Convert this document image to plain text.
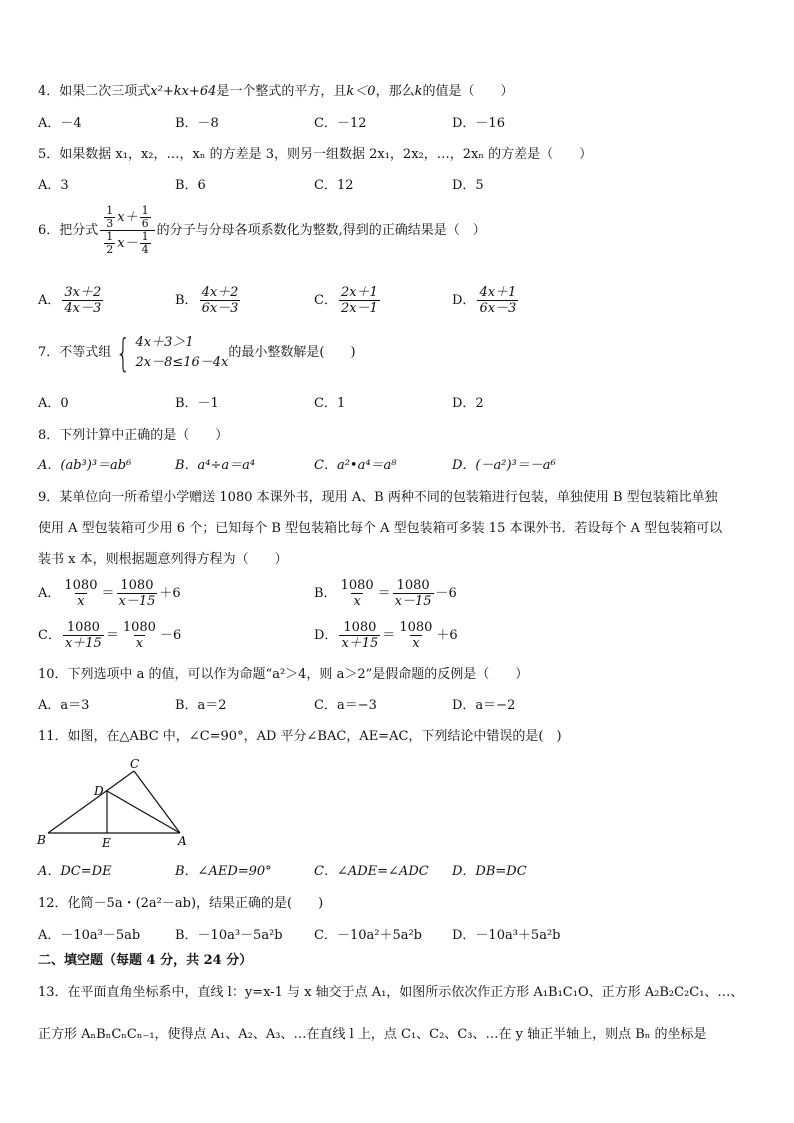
4．如果二次三项式x²+kx+64是一个整式的平方，且k＜0，那么k的值是（　　）
A．－4	B．－8	C．－12	D．－16
5．如果数据 x₁，x₂，…，xₙ 的方差是 3，则另一组数据 2x₁，2x₂，…，2xₙ 的方差是（　　）
A．3	B．6	C．12	D．5
6．把分式 $\frac{\frac{1}{3} x+ \frac{1}{6}}{\frac{1}{2} x- \frac{1}{4}}$ 的分子与分母各项系数化为整数,得到的正确结果是（　）
A． $\frac{3x+2}{4x-3}$	B． $\frac{4x+2}{6x-3}$	C． $\frac{2x+1}{2x-1}$	D． $\frac{4x+1}{6x-3}$
7．不等式组 { 4x＋3＞1
2x－8≤16－4x
的最小整数解是(　　)
A．0	B．－1	C．1	D．2
8．下列计算中正确的是（　　）
A．(ab³)³＝ab⁶	B．a⁴÷a＝a⁴	C．a²•a⁴＝a⁸	D．(－a²)³＝－a⁶
9．某单位向一所希望小学赠送 1080 本课外书，现用 A、B 两种不同的包装箱进行包装，单独使用 B 型包装箱比单独
使用 A 型包装箱可少用 6 个；已知每个 B 型包装箱比每个 A 型包装箱可多装 15 本课外书．若设每个 A 型包装箱可以
装书 x 本，则根据题意列得方程为（　　）
A． $\frac{1080}{x} = \frac{1080}{x-15} +6$	B． $\frac{1080}{x} = \frac{1080}{x-15} -6$
C． $\frac{1080}{x+15} = \frac{1080}{x} -6$	D． $\frac{1080}{x+15} = \frac{1080}{x} +6$
10．下列选项中 a 的值，可以作为命题“a²＞4，则 a＞2”是假命题的反例是（　　）
A．a＝3	B．a＝2	C．a＝−3	D．a＝−2
11．如图，在△ABC 中，∠C=90°，AD 平分∠BAC，AE=AC，下列结论中错误的是(　)
C
D
B	E	A
A．DC=DE	B．∠AED=90°	C．∠ADE=∠ADC D．DB=DC
12．化简－5a・(2a²－ab)，结果正确的是(　　)
A．－10a³－5ab	B．－10a³－5a²b C．－10a²＋5a²b D．－10a³＋5a²b
二、填空题（每题 4 分，共 24 分）
13．在平面直角坐标系中，直线 l：y=x-1 与 x 轴交于点 A₁，如图所示依次作正方形 A₁B₁C₁O、正方形 A₂B₂C₂C₁、…、
正方形 AₙBₙCₙCₙ₋₁，使得点 A₁、A₂、A₃、…在直线 l 上，点 C₁、C₂、C₃、…在 y 轴正半轴上，则点 Bₙ 的坐标是
